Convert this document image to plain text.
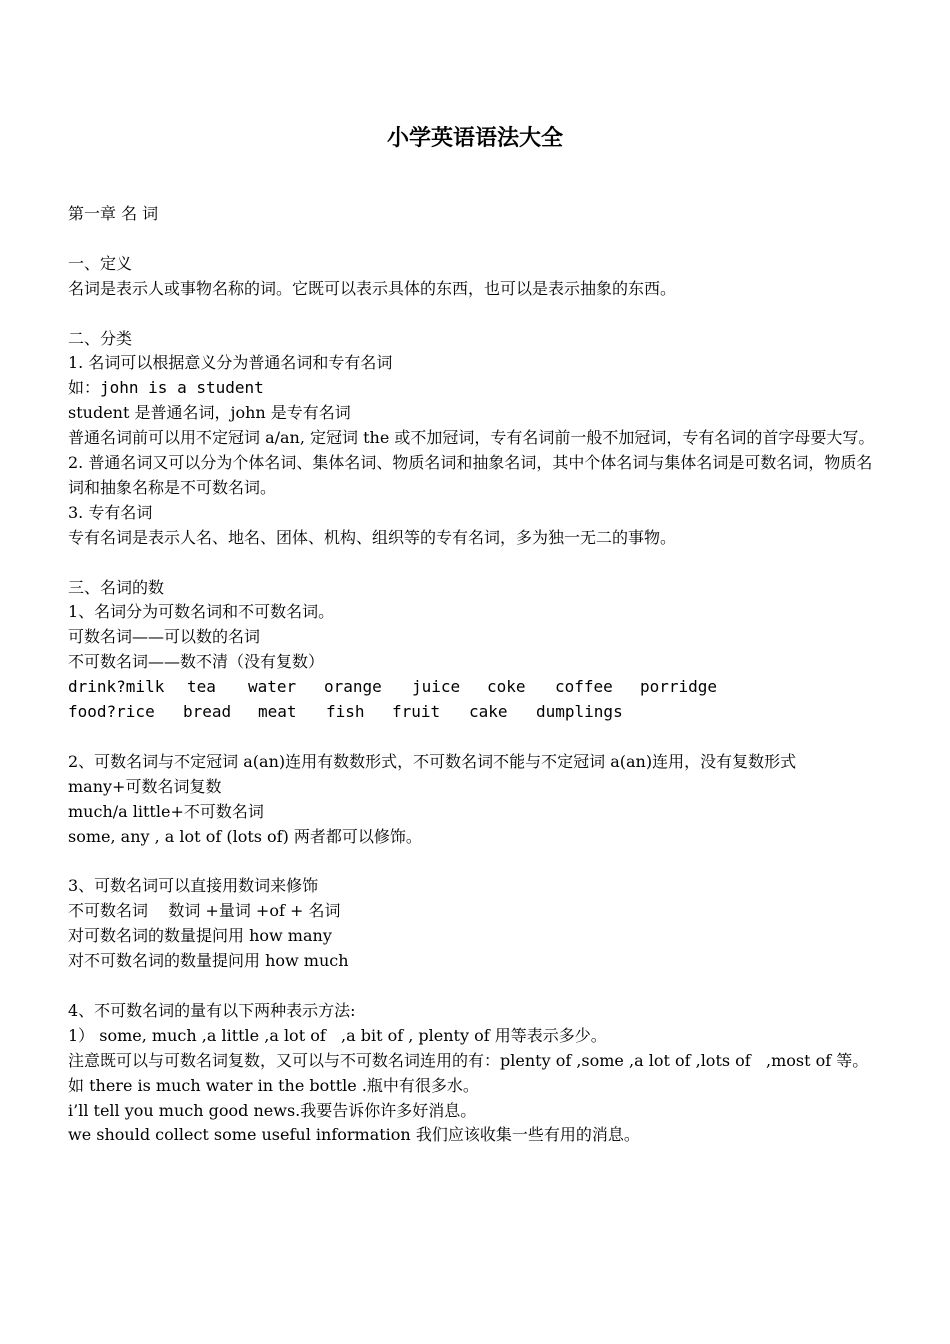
小学英语语法大全
第一章 名 词
一、定义
名词是表示人或事物名称的词。它既可以表示具体的东西，也可以是表示抽象的东西。
二、分类
1. 名词可以根据意义分为普通名词和专有名词
如：john is a student
student 是普通名词，john 是专有名词
普通名词前可以用不定冠词 a/an, 定冠词 the 或不加冠词，专有名词前一般不加冠词，专有名词的首字母要大写。
2. 普通名词又可以分为个体名词、集体名词、物质名词和抽象名词，其中个体名词与集体名词是可数名词，物质名词和抽象名称是不可数名词。
3. 专有名词
专有名词是表示人名、地名、团体、机构、组织等的专有名词，多为独一无二的事物。
三、名词的数
1、名词分为可数名词和不可数名词。
可数名词——可以数的名词
不可数名词——数不清（没有复数）
drink?milk	tea	water	orange	juice	coke	coffee	porridge
food?rice	bread	meat	fish	fruit	cake	dumplings
2、可数名词与不定冠词 a(an)连用有数数形式，不可数名词不能与不定冠词 a(an)连用，没有复数形式
many+可数名词复数
much/a little+不可数名词
some, any , a lot of (lots of) 两者都可以修饰。
3、可数名词可以直接用数词来修饰
不可数名词    数词 +量词 +of + 名词
对可数名词的数量提问用 how many
对不可数名词的数量提问用 how much
4、不可数名词的量有以下两种表示方法:
1） some, much ,a little ,a lot of   ,a bit of , plenty of 用等表示多少。
注意既可以与可数名词复数，又可以与不可数名词连用的有：plenty of ,some ,a lot of ,lots of   ,most of 等。
如 there is much water in the bottle .瓶中有很多水。
i’ll tell you much good news.我要告诉你许多好消息。
we should collect some useful information 我们应该收集一些有用的消息。
